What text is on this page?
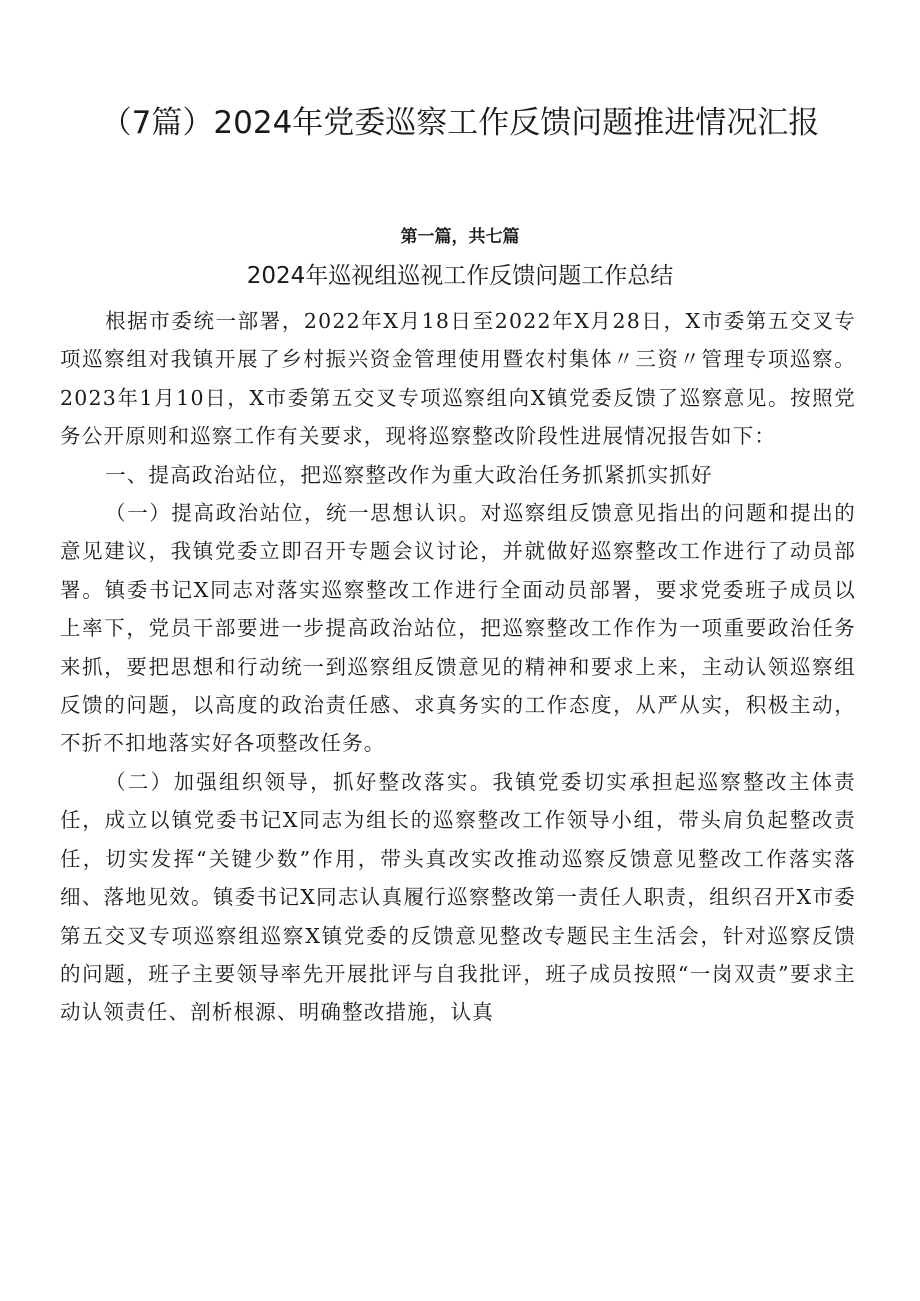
（7篇）2024年党委巡察工作反馈问题推进情况汇报
第一篇，共七篇
2024年巡视组巡视工作反馈问题工作总结

根据市委统一部署，2022年X月18日至2022年X月28日，X市委第五交叉专项巡察组对我镇开展了乡村振兴资金管理使用暨农村集体〃三资〃管理专项巡察。2023年1月10日，X市委第五交叉专项巡察组向X镇党委反馈了巡察意见。按照党务公开原则和巡察工作有关要求，现将巡察整改阶段性进展情况报告如下：

一、提高政治站位，把巡察整改作为重大政治任务抓紧抓实抓好

（一）提高政治站位，统一思想认识。对巡察组反馈意见指出的问题和提出的意见建议，我镇党委立即召开专题会议讨论，并就做好巡察整改工作进行了动员部署。镇委书记X同志对落实巡察整改工作进行全面动员部署，要求党委班子成员以上率下，党员干部要进一步提高政治站位，把巡察整改工作作为一项重要政治任务来抓，要把思想和行动统一到巡察组反馈意见的精神和要求上来，主动认领巡察组反馈的问题，以高度的政治责任感、求真务实的工作态度，从严从实，积极主动，不折不扣地落实好各项整改任务。

（二）加强组织领导，抓好整改落实。我镇党委切实承担起巡察整改主体责任，成立以镇党委书记X同志为组长的巡察整改工作领导小组，带头肩负起整改责任，切实发挥“关键少数”作用，带头真改实改推动巡察反馈意见整改工作落实落细、落地见效。镇委书记X同志认真履行巡察整改第一责任人职责，组织召开X市委第五交叉专项巡察组巡察X镇党委的反馈意见整改专题民主生活会，针对巡察反馈的问题，班子主要领导率先开展批评与自我批评，班子成员按照“一岗双责”要求主动认领责任、剖析根源、明确整改措施，认真
